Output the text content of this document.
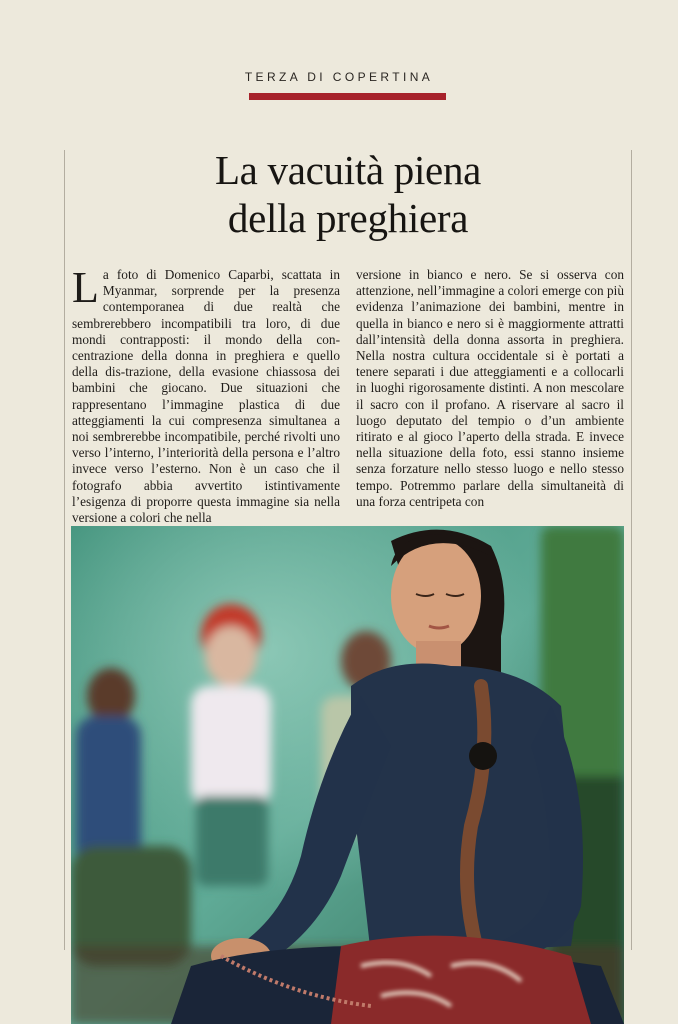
TERZA DI COPERTINA
La vacuità piena
della preghiera

La foto di Domenico Caparbi, scattata in Myanmar, sorprende per la presenza contemporanea di due realtà che sembrerebbero incompatibili tra loro, di due mondi contrapposti: il mondo della con-centrazione della donna in preghiera e quello della dis-trazione, della evasione chiassosa dei bambini che giocano. Due situazioni che rappresentano l’immagine plastica di due atteggiamenti la cui compresenza simultanea a noi sembrerebbe incompatibile, perché rivolti uno verso l’interno, l’interiorità della persona e l’altro invece verso l’esterno. Non è un caso che il fotografo abbia avvertito istintivamente l’esigenza di proporre questa immagine sia nella versione a colori che nella

versione in bianco e nero. Se si osserva con attenzione, nell’immagine a colori emerge con più evidenza l’animazione dei bambini, mentre in quella in bianco e nero si è maggiormente attratti dall’intensità della donna assorta in preghiera. Nella nostra cultura occidentale si è portati a tenere separati i due atteggiamenti e a collocarli in luoghi rigorosamente distinti. A non mescolare il sacro con il profano. A riservare al sacro il luogo deputato del tempio o d’un ambiente ritirato e al gioco l’aperto della strada. E invece nella situazione della foto, essi stanno insieme senza forzature nello stesso luogo e nello stesso tempo. Potremmo parlare della simultaneità di una forza centripeta con
